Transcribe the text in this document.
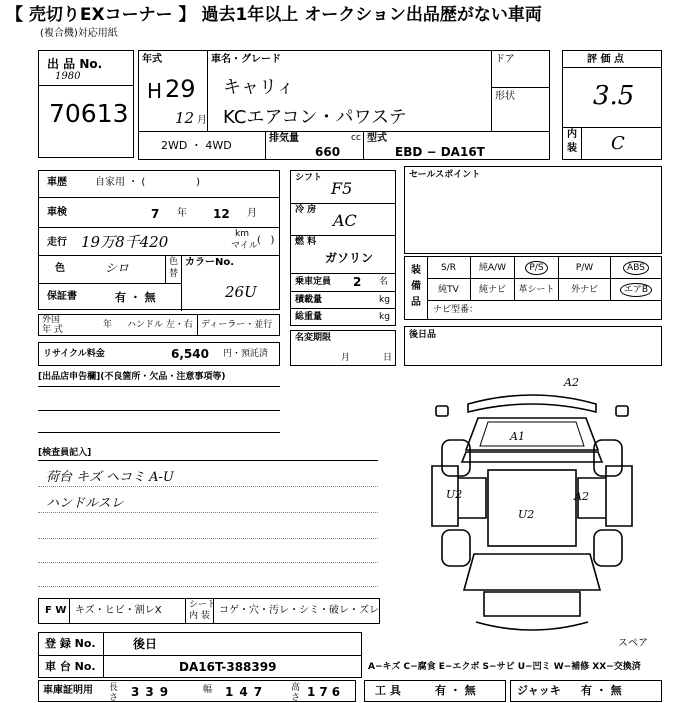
【 売切りEXコーナー 】 過去1年以上 オークション出品歴がない車両
(複合機)対応用紙
出 品 No.
1980
70613
年式
H 29
12 月
車名・グレード
キャリィ
KCエアコン・パワステ
ドア
形状
2WD ・ 4WD
排気量
660
cc 型式
EBD − DA16T
評 価 点
3.5
内
装 C
車歴	自家用 ・ (                )
車検	7 年 12 月
走行 19万8千420	km
マイル (   )
色	シロ	色
替
カラーNo.
保証書	有 ・ 無	26U
外国
年 式	年 ハンドル 左・右 ディーラー・並行
リサイクル料金	6,540 円・預託済
シフト
F5
冷 房
AC
燃 料
ガソリン
乗車定員 2 名
積載量	kg
総重量	kg
名変期限
月	日
セールスポイント
装
備
品
S/R	純A/W	P/S	P/W	ABS
純TV	純ナビ	革シート	外ナビ	エアB
ナビ型番：
後日品
[出品店申告欄](不良箇所・欠品・注意事項等)
[検査員記入]
荷台 キズ ヘコミ A-U
ハンドルスレ
A2
A1
U2
U2
A2
スペア
F W キズ・ヒビ・割レX	シート
内 装 コゲ・穴・汚レ・シミ・破レ・ズレ
登 録 No.	後日
車 台 No.	DA16T-388399	A−キズ C−腐食 E−エクボ S−サビ U−凹ミ W−補修 XX−交換済
車庫証明用 長さ 339	幅 147	高さ 176	工 具	有 ・ 無	ジャッキ 有 ・ 無
